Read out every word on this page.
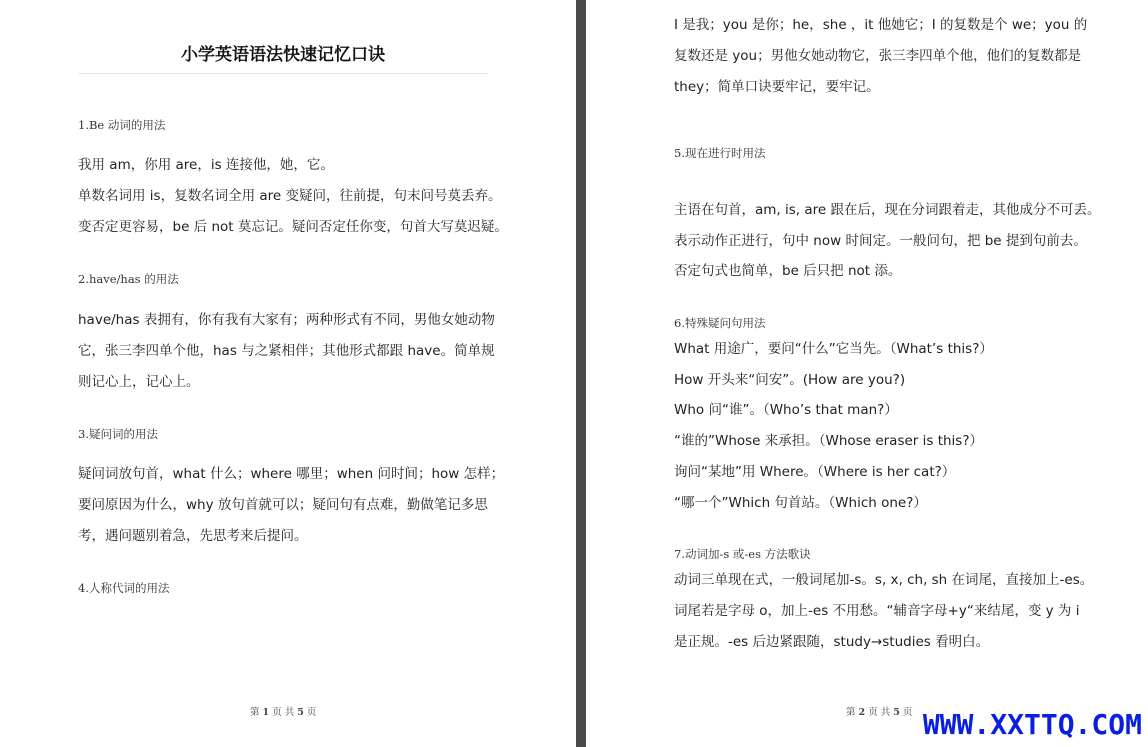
小学英语语法快速记忆口诀
1.Be 动词的用法
我用 am，你用 are，is 连接他，她，它。
单数名词用 is，复数名词全用 are 变疑问，往前提，句末问号莫丢弃。
变否定更容易，be 后 not 莫忘记。疑问否定任你变，句首大写莫迟疑。
2.have/has 的用法
have/has 表拥有，你有我有大家有；两种形式有不同，男他女她动物
它，张三李四单个他，has 与之紧相伴；其他形式都跟 have。简单规
则记心上，记心上。
3.疑问词的用法
疑问词放句首，what 什么；where 哪里；when 问时间；how 怎样；
要问原因为什么，why 放句首就可以；疑问句有点难，勤做笔记多思
考，遇问题别着急，先思考来后提问。
4.人称代词的用法
第 1 页 共 5 页
I 是我；you 是你；he，she ，it 他她它；I 的复数是个 we；you 的
复数还是 you；男他女她动物它，张三李四单个他，他们的复数都是
they；简单口诀要牢记，要牢记。
5.现在进行时用法
主语在句首，am, is, are 跟在后，现在分词跟着走，其他成分不可丢。
表示动作正进行，句中 now 时间定。一般问句，把 be 提到句前去。
否定句式也简单，be 后只把 not 添。
6.特殊疑问句用法
What 用途广，要问“什么”它当先。（What’s this?）
How 开头来“问安”。(How are you?)
Who 问“谁”。（Who’s that man?）
“谁的”Whose 来承担。（Whose eraser is this?）
询问“某地”用 Where。（Where is her cat?）
“哪一个”Which 句首站。（Which one?）
7.动词加-s 或-es 方法歌诀
动词三单现在式，一般词尾加-s。s, x, ch, sh 在词尾，直接加上-es。
词尾若是字母 o，加上-es 不用愁。“辅音字母+y“来结尾，变 y 为 i
是正规。-es 后边紧跟随，study→studies 看明白。
第 2 页 共 5 页 WWW.XXTTQ.COM
